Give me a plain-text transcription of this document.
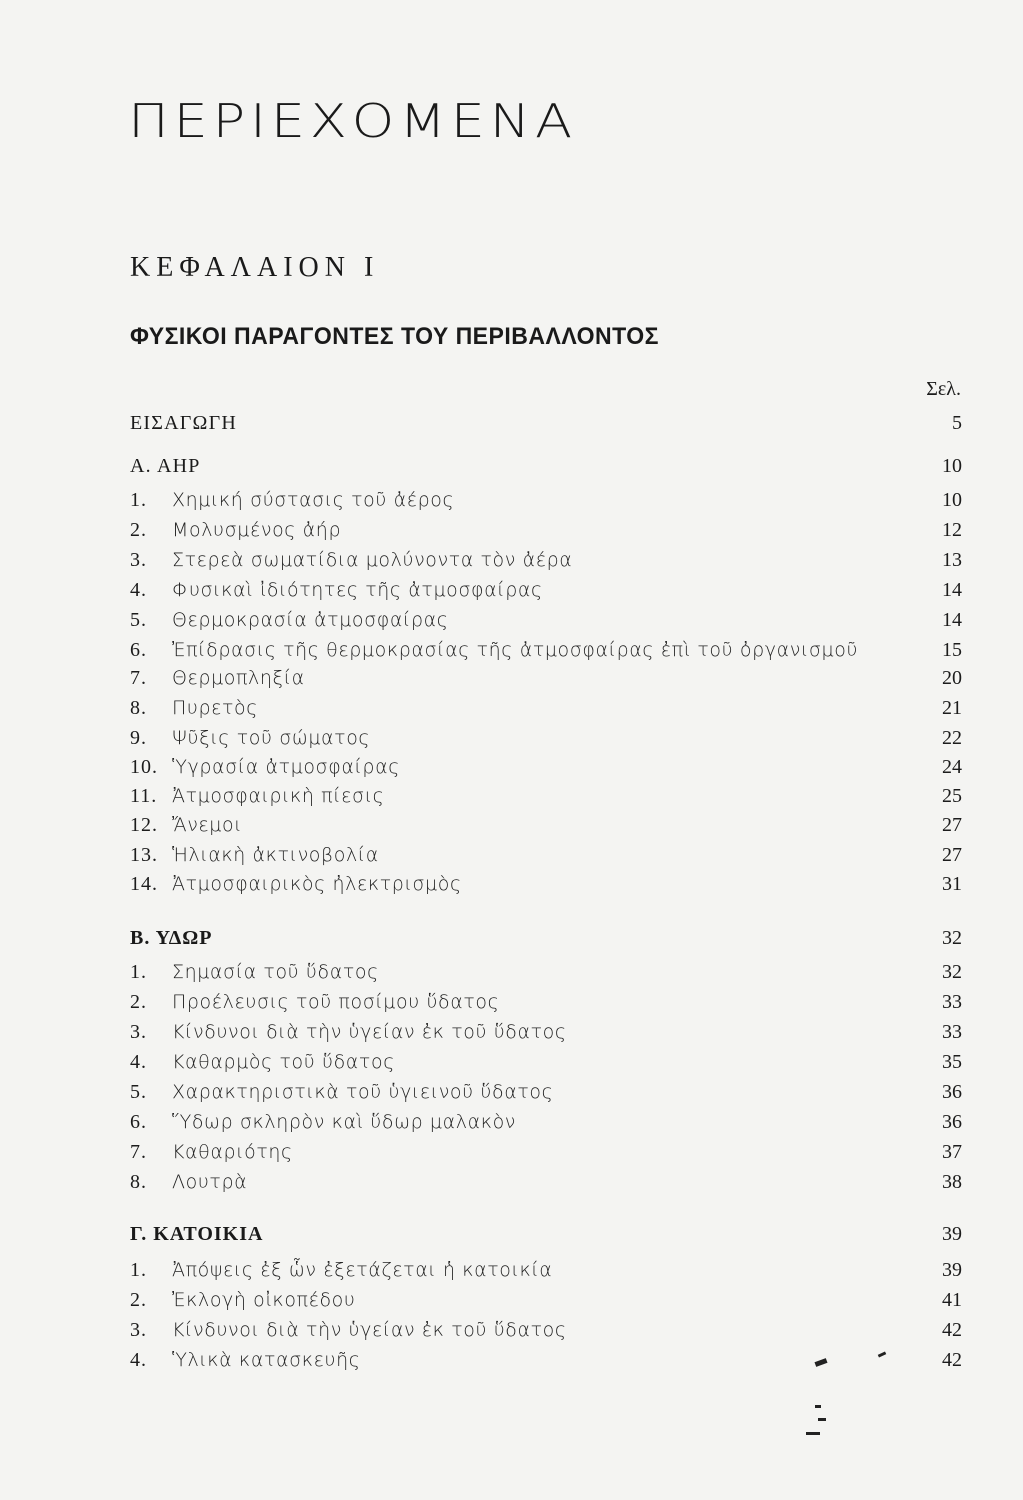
ΠΕΡΙΕΧΟΜΕΝΑ
ΚΕΦΑΛΑΙΟΝ Ι
ΦΥΣΙΚΟΙ ΠΑΡΑΓΟΝΤΕΣ ΤΟΥ ΠΕΡΙΒΑΛΛΟΝΤΟΣ
Σελ.
ΕΙΣΑΓΩΓΗ	5
Α. ΑΗΡ	10
1.	Χημική σύστασις τοῦ ἀέρος	10
2.	Μολυσμένος ἀήρ	12
3.	Στερεὰ σωματίδια μολύνοντα τὸν ἀέρα	13
4.	Φυσικαὶ ἰδιότητες τῆς ἀτμοσφαίρας	14
5.	Θερμοκρασία ἀτμοσφαίρας	14
6.	Ἐπίδρασις τῆς θερμοκρασίας τῆς ἀτμοσφαίρας ἐπὶ τοῦ ὀργανισμοῦ	15
7.	Θερμοπληξία	20
8.	Πυρετὸς	21
9.	Ψῦξις τοῦ σώματος	22
10. Ὑγρασία ἀτμοσφαίρας	24
11. Ἀτμοσφαιρικὴ πίεσις	25
12. Ἄνεμοι	27
13. Ἡλιακὴ ἀκτινοβολία	27
14. Ἀτμοσφαιρικὸς ἠλεκτρισμὸς	31
Β. ΥΔΩΡ	32
1.	Σημασία τοῦ ὕδατος	32
2.	Προέλευσις τοῦ ποσίμου ὕδατος	33
3.	Κίνδυνοι διὰ τὴν ὑγείαν ἐκ τοῦ ὕδατος	33
4.	Καθαρμὸς τοῦ ὕδατος	35
5.	Χαρακτηριστικὰ τοῦ ὑγιεινοῦ ὕδατος	36
6.	Ὕδωρ σκληρὸν καὶ ὕδωρ μαλακὸν	36
7.	Καθαριότης	37
8.	Λουτρὰ	38
Γ. ΚΑΤΟΙΚΙΑ	39
1.	Ἀπόψεις ἐξ ὧν ἐξετάζεται ἡ κατοικία	39
2.	Ἐκλογὴ οἰκοπέδου	41
3.	Κίνδυνοι διὰ τὴν ὑγείαν ἐκ τοῦ ὕδατος	42
4.	Ὑλικὰ κατασκευῆς	42
